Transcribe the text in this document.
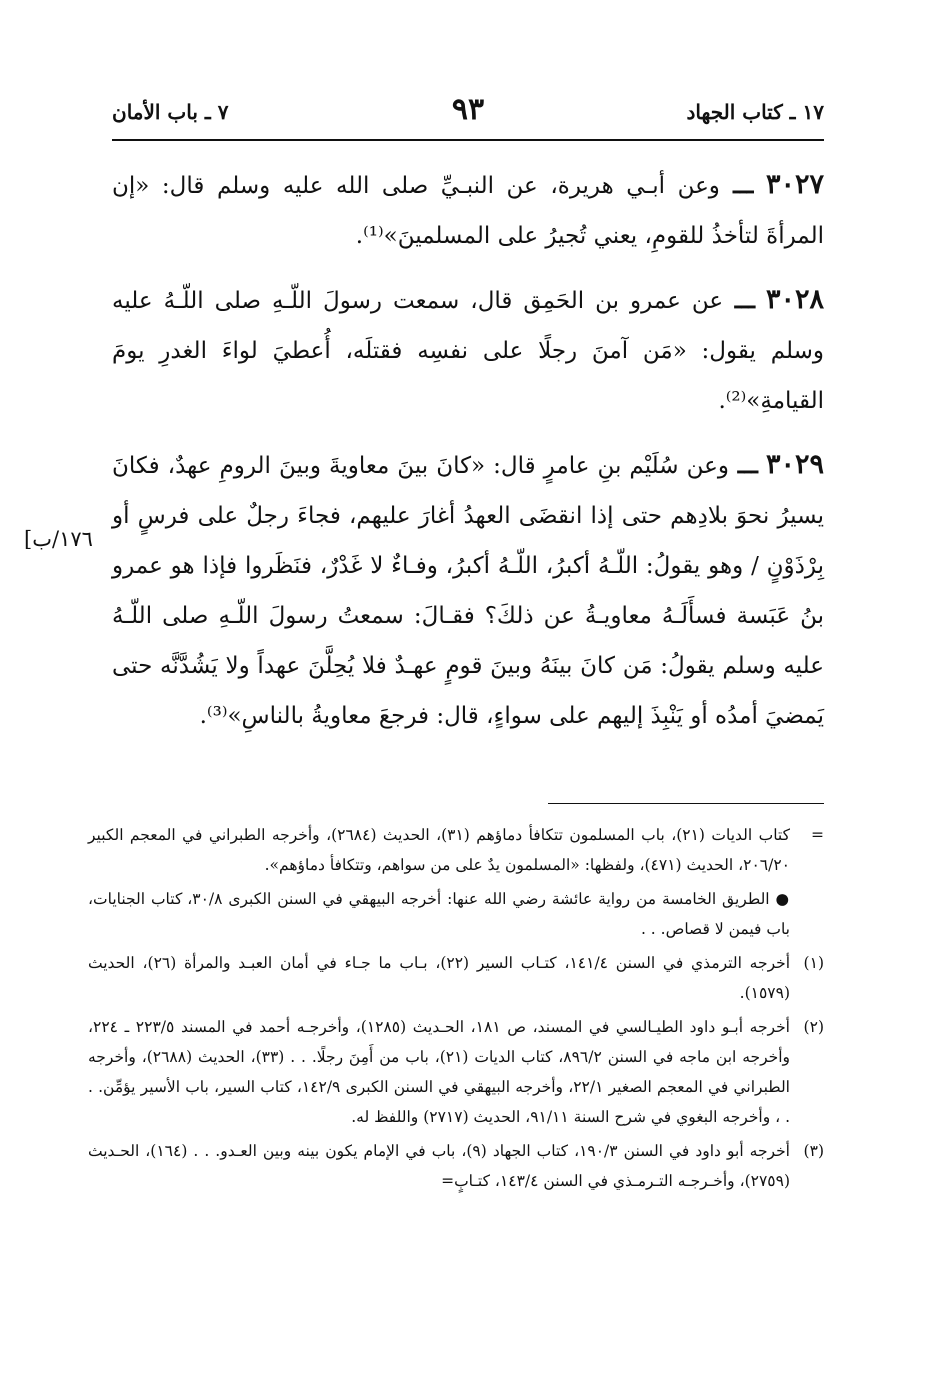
١٧ ـ كتاب الجهاد
٩٣
٧ ـ باب الأمان

٣٠٢٧ ـــ وعن أبـي هريرة، عن النبـيِّ صلى الله عليه وسلم قال: «إن المرأةَ لتأخذُ للقومِ، يعني تُجيرُ على المسلمينَ»⁽¹⁾.

٣٠٢٨ ـــ عن عمرو بن الحَمِق قال، سمعت رسولَ اللّـهِ صلى اللّـهُ عليه وسلم يقول: «مَن آمنَ رجلًا على نفسِه فقتلَه، أُعطيَ لواءَ الغدرِ يومَ القيامةِ»⁽²⁾.

٣٠٢٩ ـــ وعن سُلَيْم بنِ عامرٍ قال: «كانَ بينَ معاويةَ وبينَ الرومِ عهدٌ، فكانَ يسيرُ نحوَ بلادِهم حتى إذا انقضَى العهدُ أغارَ عليهم، فجاءَ رجلٌ على فرسٍ أو بِرْذَوْنٍ / وهو يقولُ: اللّـهُ أكبرُ، اللّـهُ أكبرُ، وفـاءٌ لا غَدْرٌ، فنَظَروا فإذا هو عمرو بنُ عَبَسة فسأَلَـهُ معاويـةُ عن ذلكَ؟ فقـالَ: سمعتُ رسولَ اللّـهِ صلى اللّـهُ عليه وسلم يقولُ: مَن كانَ بينَهُ وبينَ قومٍ عهـدٌ فلا يُحِلَّنَ عهداً ولا يَشُدَّنَّه حتى يَمضيَ أمدُه أو يَنْبِذَ إليهم على سواءٍ، قال: فرجعَ معاويةُ بالناسِ»⁽³⁾.

[١٧٦/ب
=
كتاب الديات (٢١)، باب المسلمون تتكافأ دماؤهم (٣١)، الحديث (٢٦٨٤)، وأخرجه الطبراني في المعجم الكبير ٢٠٦/٢٠، الحديث (٤٧١)، ولفظها: «المسلمون يدٌ على من سواهم، وتتكافأ دماؤهم».
● الطريق الخامسة من رواية عائشة رضي الله عنها: أخرجه البيهقي في السنن الكبرى ٣٠/٨، كتاب الجنايات، باب فيمن لا قصاص. . .
(١)
أخرجه الترمذي في السنن ١٤١/٤، كتـاب السير (٢٢)، بـاب ما جـاء في أمان العبـد والمرأة (٢٦)، الحديث (١٥٧٩).
(٢)
أخرجه أبـو داود الطيـالسي في المسند، ص ١٨١، الحـديث (١٢٨٥)، وأخرجـه أحمد في المسند ٢٢٣/٥ ـ ٢٢٤، وأخرجه ابن ماجه في السنن ٨٩٦/٢، كتاب الديات (٢١)، باب من أَمِنَ رجلًا. . . (٣٣)، الحديث (٢٦٨٨)، وأخرجه الطبراني في المعجم الصغير ٢٢/١، وأخرجه البيهقي في السنن الكبرى ١٤٢/٩، كتاب السير، باب الأسير يؤمِّن. . . ، وأخرجه البغوي في شرح السنة ٩١/١١، الحديث (٢٧١٧) واللفظ له.
(٣)
أخرجه أبو داود في السنن ١٩٠/٣، كتاب الجهاد (٩)، باب في الإمام يكون بينه وبين العـدو. . . (١٦٤)، الحـديث (٢٧٥٩)، وأخـرجـه التـرمـذي في السنن ١٤٣/٤، كتـابٍ=
